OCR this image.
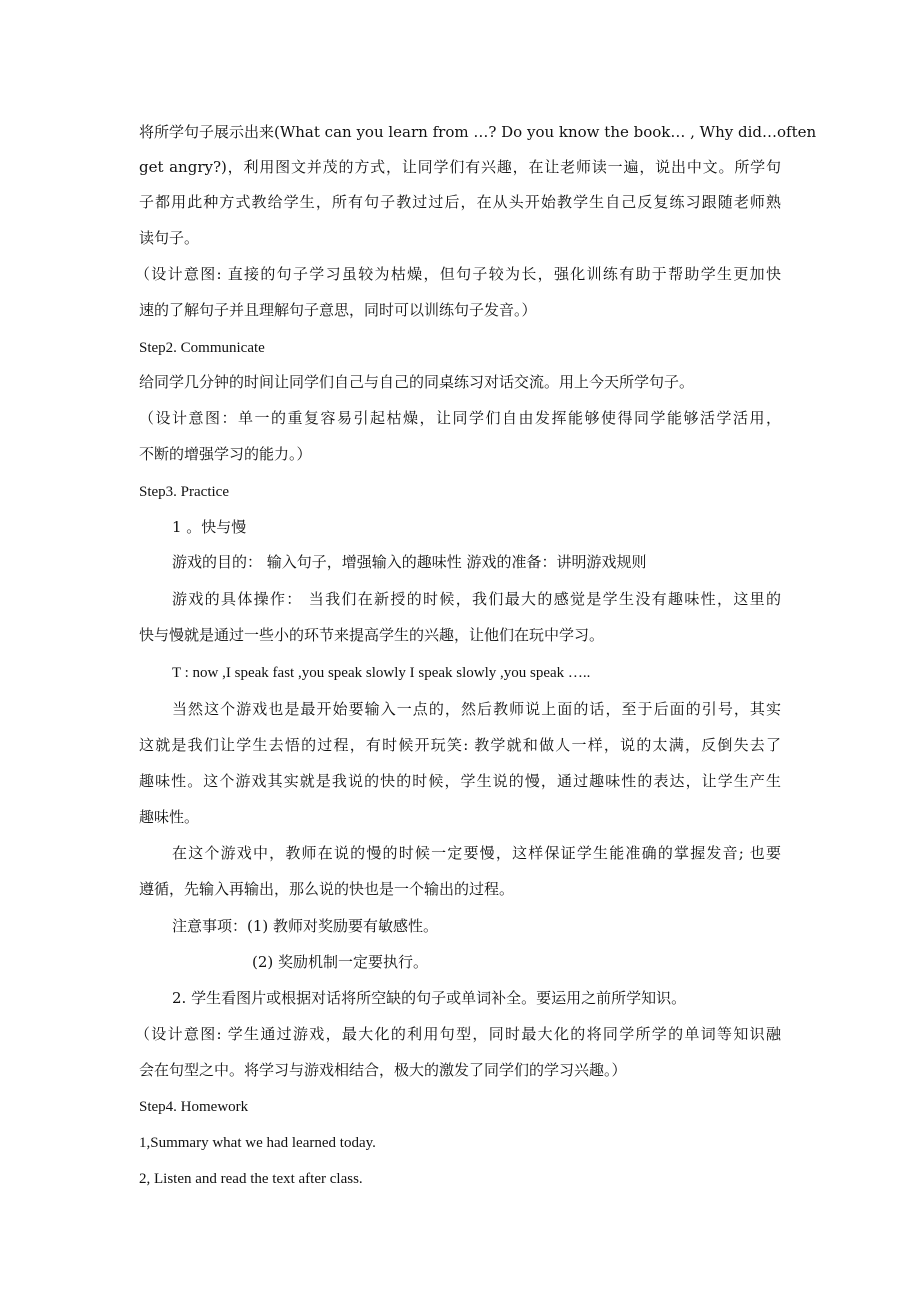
将所学句子展示出来(What can you learn from …? Do you know the book… , Why did…often
get angry?)，利用图文并茂的方式，让同学们有兴趣，在让老师读一遍，说出中文。所学句
子都用此种方式教给学生，所有句子教过过后，在从头开始教学生自己反复练习跟随老师熟
读句子。
（设计意图: 直接的句子学习虽较为枯燥，但句子较为长，强化训练有助于帮助学生更加快
速的了解句子并且理解句子意思，同时可以训练句子发音。）
Step2. Communicate
给同学几分钟的时间让同学们自己与自己的同桌练习对话交流。用上今天所学句子。
（设计意图：单一的重复容易引起枯燥，让同学们自由发挥能够使得同学能够活学活用，
不断的增强学习的能力。）
Step3. Practice
1 。快与慢
游戏的目的： 输入句子，增强输入的趣味性 游戏的准备：讲明游戏规则
游戏的具体操作： 当我们在新授的时候，我们最大的感觉是学生没有趣味性，这里的
快与慢就是通过一些小的环节来提高学生的兴趣，让他们在玩中学习。
T : now ,I speak fast ,you speak slowly I speak slowly ,you speak …..
当然这个游戏也是最开始要输入一点的，然后教师说上面的话，至于后面的引号，其实
这就是我们让学生去悟的过程，有时候开玩笑: 教学就和做人一样，说的太满，反倒失去了
趣味性。这个游戏其实就是我说的快的时候，学生说的慢，通过趣味性的表达，让学生产生
趣味性。
在这个游戏中，教师在说的慢的时候一定要慢，这样保证学生能准确的掌握发音; 也要
遵循，先输入再输出，那么说的快也是一个输出的过程。
注意事项：(1) 教师对奖励要有敏感性。
(2) 奖励机制一定要执行。
2. 学生看图片或根据对话将所空缺的句子或单词补全。要运用之前所学知识。
（设计意图: 学生通过游戏，最大化的利用句型，同时最大化的将同学所学的单词等知识融
会在句型之中。将学习与游戏相结合，极大的激发了同学们的学习兴趣。）
Step4. Homework
1,Summary what we had learned today.
2, Listen and read the text after class.
